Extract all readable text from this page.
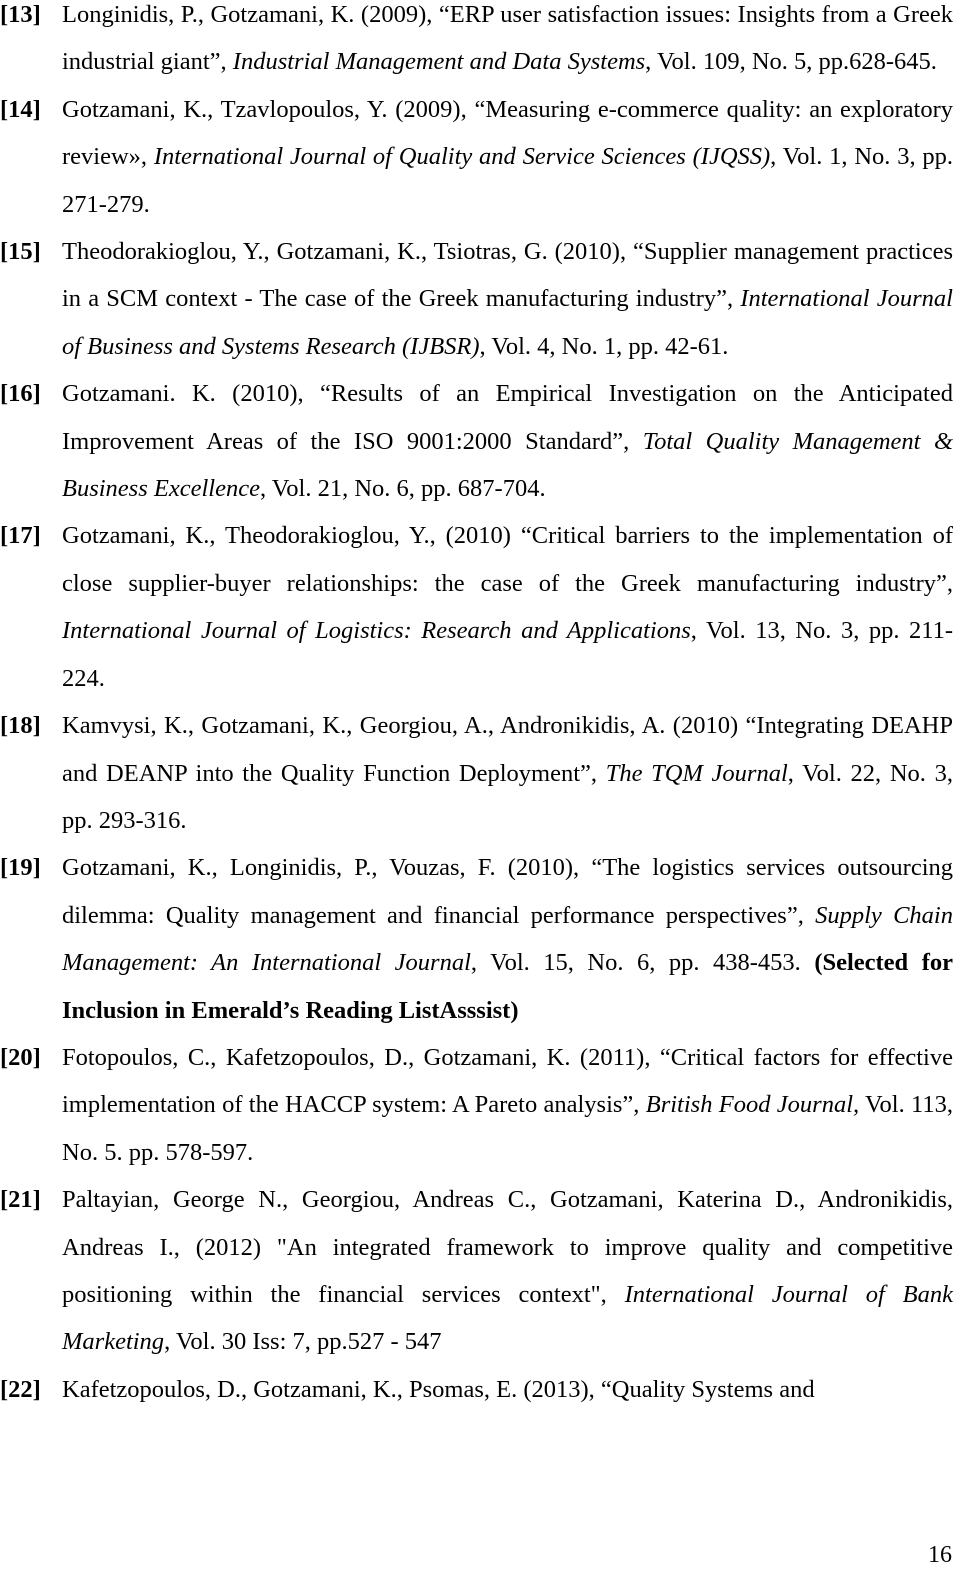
[13] Longinidis, P., Gotzamani, K. (2009), “ERP user satisfaction issues: Insights from a Greek industrial giant”, Industrial Management and Data Systems, Vol. 109, No. 5, pp.628-645.
[14] Gotzamani, K., Tzavlopoulos, Y. (2009), “Measuring e-commerce quality: an exploratory review», International Journal of Quality and Service Sciences (IJQSS), Vol. 1, No. 3, pp. 271-279.
[15] Theodorakioglou, Y., Gotzamani, K., Tsiotras, G. (2010), “Supplier management practices in a SCM context - The case of the Greek manufacturing industry”, International Journal of Business and Systems Research (IJBSR), Vol. 4, No. 1, pp. 42-61.
[16] Gotzamani. K. (2010), “Results of an Empirical Investigation on the Anticipated Improvement Areas of the ISO 9001:2000 Standard”, Total Quality Management & Business Excellence, Vol. 21, No. 6, pp. 687-704.
[17] Gotzamani, K., Theodorakioglou, Y., (2010) “Critical barriers to the implementation of close supplier-buyer relationships: the case of the Greek manufacturing industry”, International Journal of Logistics: Research and Applications, Vol. 13, No. 3, pp. 211-224.
[18] Kamvysi, K., Gotzamani, K., Georgiou, A., Andronikidis, A. (2010) “Integrating DEAHP and DEANP into the Quality Function Deployment”, The TQM Journal, Vol. 22, No. 3, pp. 293-316.
[19] Gotzamani, K., Longinidis, P., Vouzas, F. (2010), “The logistics services outsourcing dilemma: Quality management and financial performance perspectives”, Supply Chain Management: An International Journal, Vol. 15, No. 6, pp. 438-453. (Selected for Inclusion in Emerald’s Reading ListAsssist)
[20] Fotopoulos, C., Kafetzopoulos, D., Gotzamani, K. (2011), “Critical factors for effective implementation of the HACCP system: A Pareto analysis”, British Food Journal, Vol. 113, No. 5. pp. 578-597.
[21] Paltayian, George N., Georgiou, Andreas C., Gotzamani, Katerina D., Andronikidis, Andreas I., (2012) "An integrated framework to improve quality and competitive positioning within the financial services context", International Journal of Bank Marketing, Vol. 30 Iss: 7, pp.527 - 547
[22] Kafetzopoulos, D., Gotzamani, K., Psomas, E. (2013), “Quality Systems and
16
